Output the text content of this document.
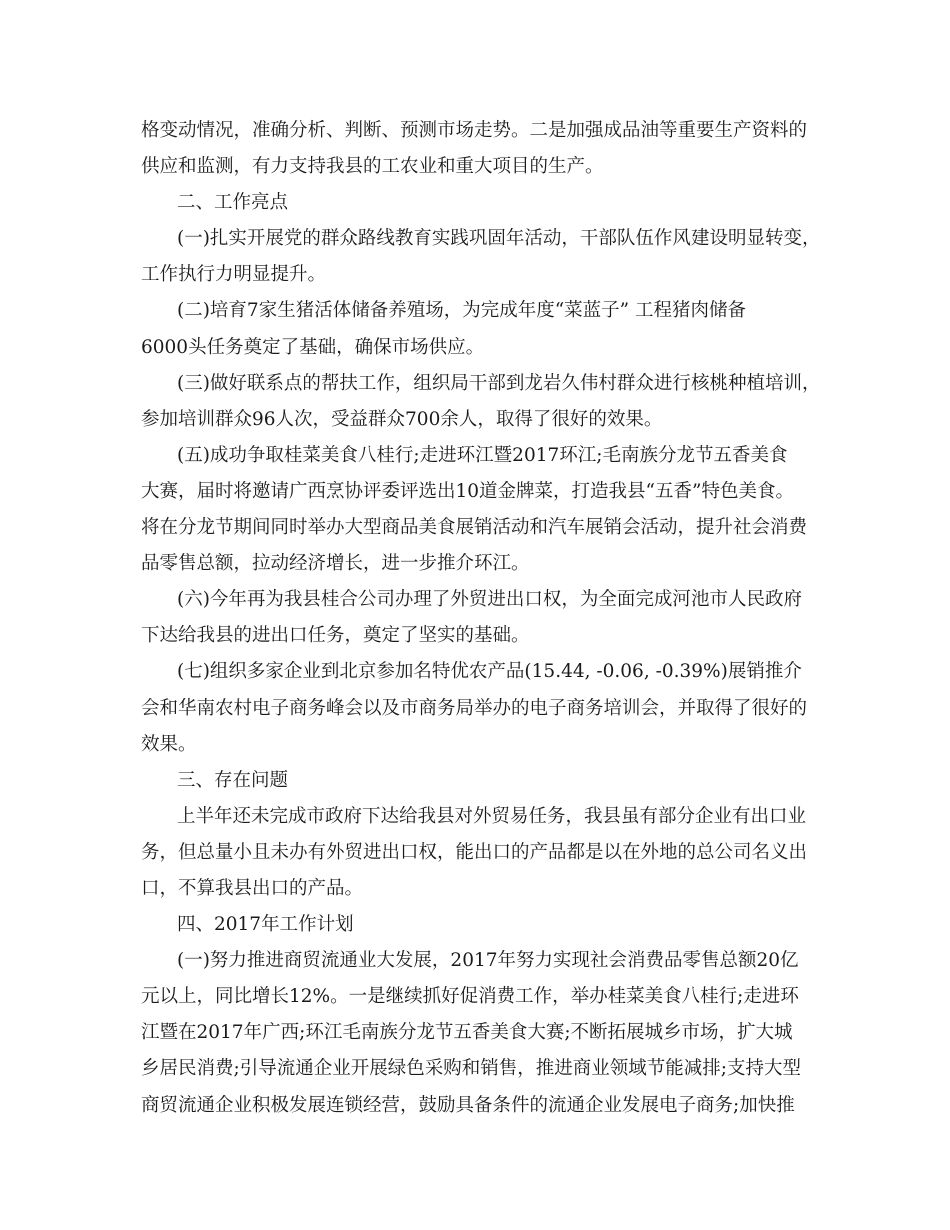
格变动情况，准确分析、判断、预测市场走势。二是加强成品油等重要生产资料的
供应和监测，有力支持我县的工农业和重大项目的生产。
二、工作亮点
(一)扎实开展党的群众路线教育实践巩固年活动，干部队伍作风建设明显转变，
工作执行力明显提升。
(二)培育7家生猪活体储备养殖场，为完成年度“菜蓝子” 工程猪肉储备
6000头任务奠定了基础，确保市场供应。
(三)做好联系点的帮扶工作，组织局干部到龙岩久伟村群众进行核桃种植培训，
参加培训群众96人次，受益群众700余人，取得了很好的效果。
(五)成功争取桂菜美食八桂行;走进环江暨2017环江;毛南族分龙节五香美食
大赛，届时将邀请广西烹协评委评选出10道金牌菜，打造我县“五香”特色美食。
将在分龙节期间同时举办大型商品美食展销活动和汽车展销会活动，提升社会消费
品零售总额，拉动经济增长，进一步推介环江。
(六)今年再为我县桂合公司办理了外贸进出口权，为全面完成河池市人民政府
下达给我县的进出口任务，奠定了坚实的基础。
(七)组织多家企业到北京参加名特优农产品(15.44, -0.06, -0.39%)展销推介
会和华南农村电子商务峰会以及市商务局举办的电子商务培训会，并取得了很好的
效果。
三、存在问题
上半年还未完成市政府下达给我县对外贸易任务，我县虽有部分企业有出口业
务，但总量小且未办有外贸进出口权，能出口的产品都是以在外地的总公司名义出
口，不算我县出口的产品。
四、2017年工作计划
(一)努力推进商贸流通业大发展，2017年努力实现社会消费品零售总额20亿
元以上，同比增长12%。一是继续抓好促消费工作，举办桂菜美食八桂行;走进环
江暨在2017年广西;环江毛南族分龙节五香美食大赛;不断拓展城乡市场，扩大城
乡居民消费;引导流通企业开展绿色采购和销售，推进商业领域节能减排;支持大型
商贸流通企业积极发展连锁经营，鼓励具备条件的流通企业发展电子商务;加快推
